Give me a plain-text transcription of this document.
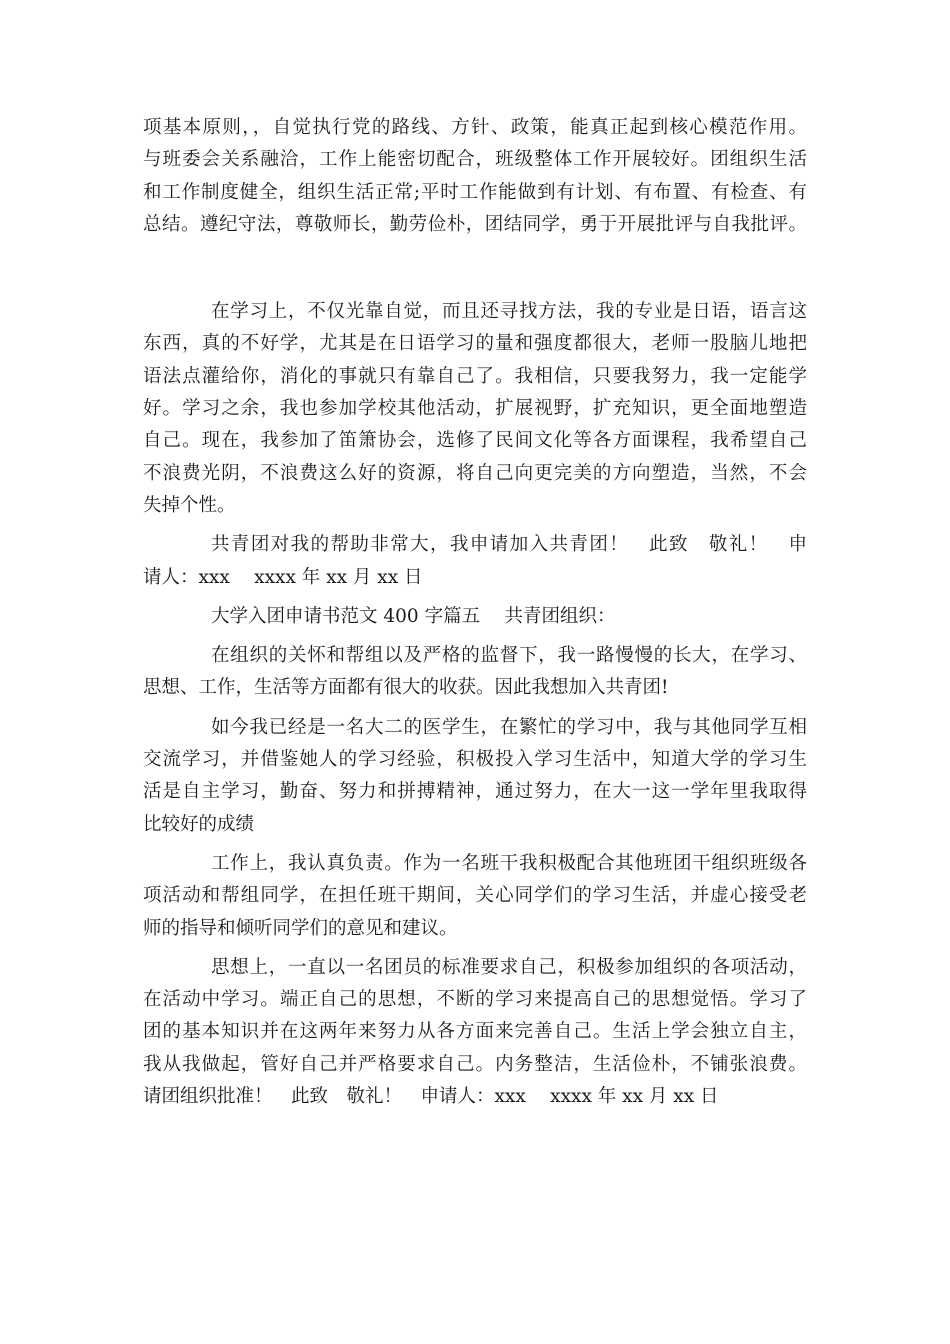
项基本原则，，自觉执行党的路线、方针、政策，能真正起到核心模范作用。
与班委会关系融洽，工作上能密切配合，班级整体工作开展较好。团组织生活
和工作制度健全，组织生活正常;平时工作能做到有计划、有布置、有检查、有
总结。遵纪守法，尊敬师长，勤劳俭朴，团结同学，勇于开展批评与自我批评。
在学习上，不仅光靠自觉，而且还寻找方法，我的专业是日语，语言这
东西，真的不好学，尤其是在日语学习的量和强度都很大，老师一股脑儿地把
语法点灌给你，消化的事就只有靠自己了。我相信，只要我努力，我一定能学
好。学习之余，我也参加学校其他活动，扩展视野，扩充知识，更全面地塑造
自己。现在，我参加了笛箫协会，选修了民间文化等各方面课程，我希望自己
不浪费光阴，不浪费这么好的资源，将自己向更完美的方向塑造，当然，不会
失掉个性。
共青团对我的帮助非常大，我申请加入共青团！　此致　敬礼！　申
请人：xxx　 xxxx 年 xx 月 xx 日
大学入团申请书范文 400 字篇五　 共青团组织：
在组织的关怀和帮组以及严格的监督下，我一路慢慢的长大，在学习、
思想、工作，生活等方面都有很大的收获。因此我想加入共青团!
如今我已经是一名大二的医学生，在繁忙的学习中，我与其他同学互相
交流学习，并借鉴她人的学习经验，积极投入学习生活中，知道大学的学习生
活是自主学习，勤奋、努力和拼搏精神，通过努力，在大一这一学年里我取得
比较好的成绩
工作上，我认真负责。作为一名班干我积极配合其他班团干组织班级各
项活动和帮组同学，在担任班干期间，关心同学们的学习生活，并虚心接受老
师的指导和倾听同学们的意见和建议。
思想上，一直以一名团员的标准要求自己，积极参加组织的各项活动，
在活动中学习。端正自己的思想，不断的学习来提高自己的思想觉悟。学习了
团的基本知识并在这两年来努力从各方面来完善自己。生活上学会独立自主，
我从我做起，管好自己并严格要求自己。内务整洁，生活俭朴，不铺张浪费。
请团组织批准！　此致　敬礼！　申请人：xxx　 xxxx 年 xx 月 xx 日
